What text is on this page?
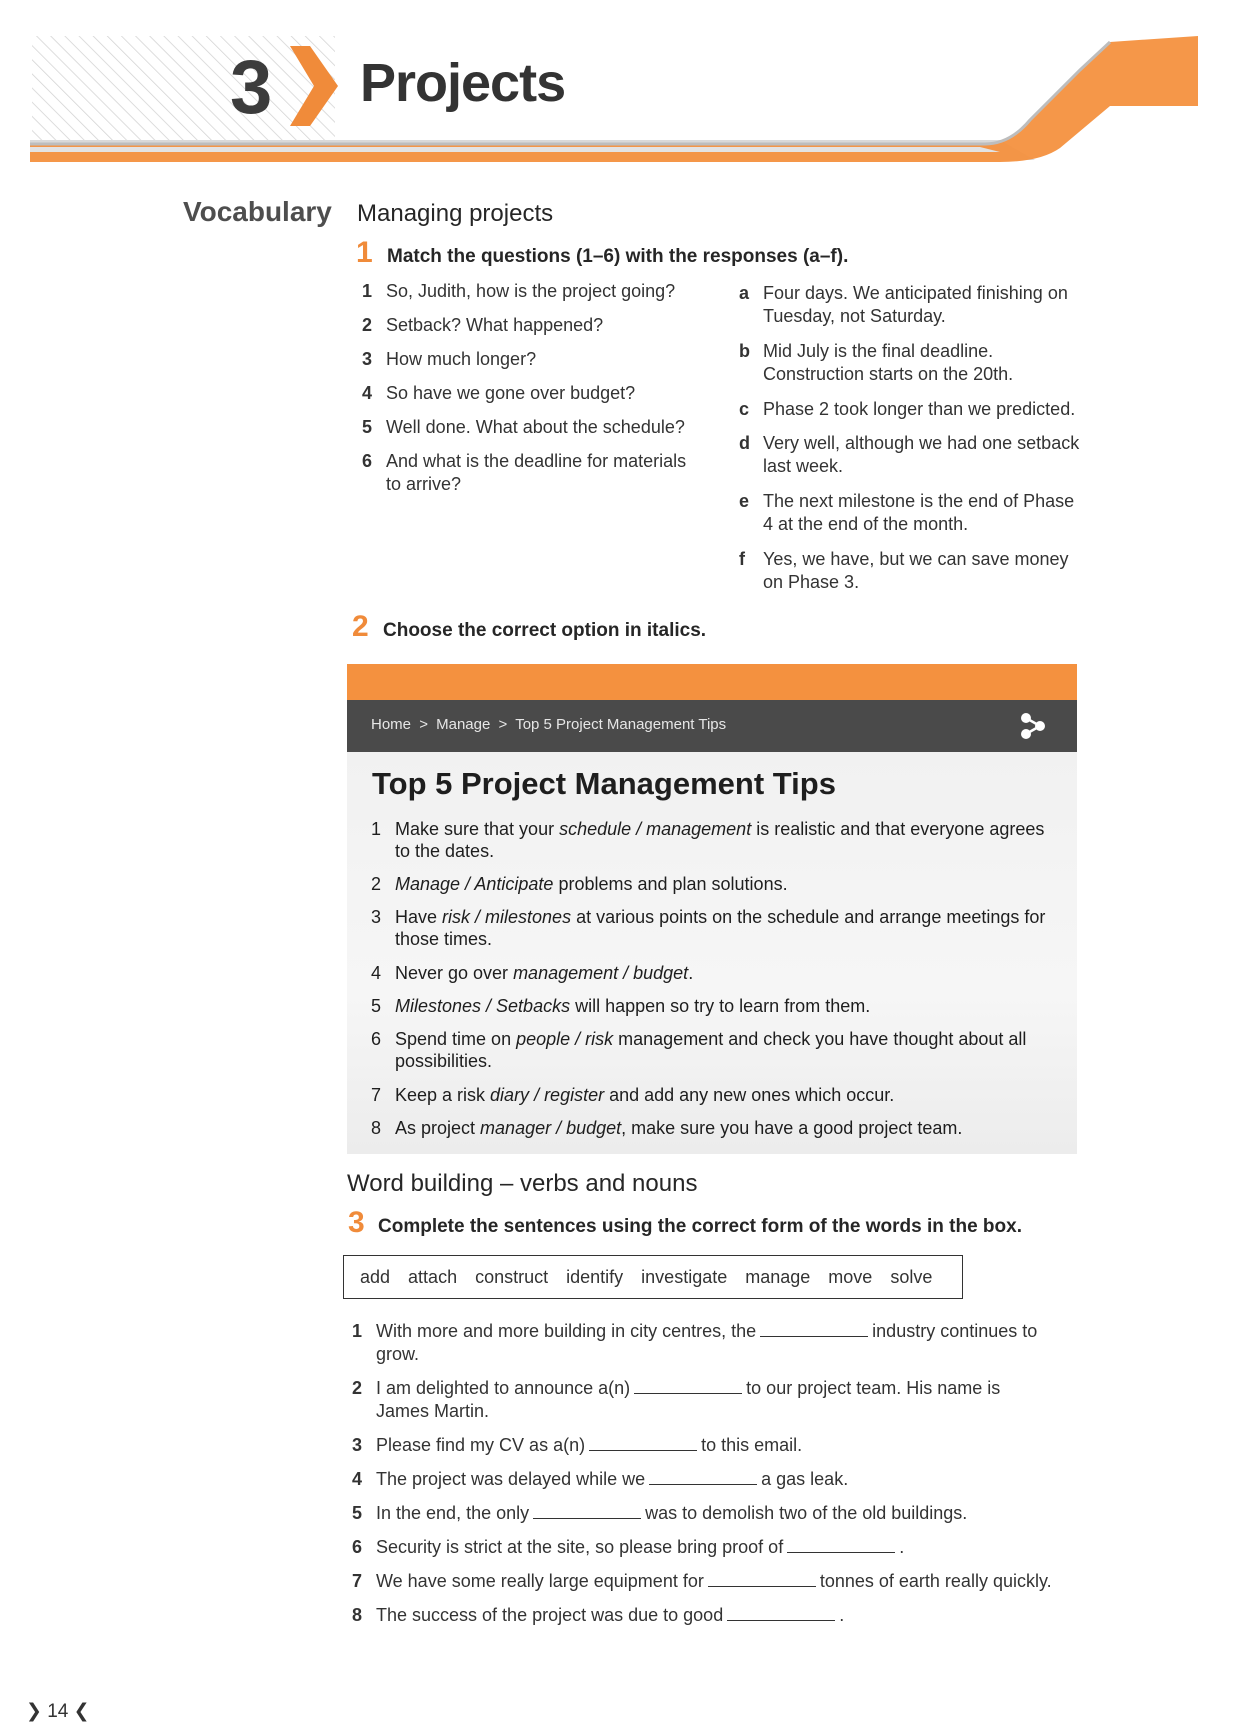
3 Projects
Vocabulary Managing projects
1 Match the questions (1–6) with the responses (a–f).
1 So, Judith, how is the project going?
2 Setback? What happened?
3 How much longer?
4 So have we gone over budget?
5 Well done. What about the schedule?
6 And what is the deadline for materials to arrive?
a Four days. We anticipated finishing on Tuesday, not Saturday.
b Mid July is the final deadline. Construction starts on the 20th.
c Phase 2 took longer than we predicted.
d Very well, although we had one setback last week.
e The next milestone is the end of Phase 4 at the end of the month.
f	Yes, we have, but we can save money on Phase 3.
2 Choose the correct option in italics.
Home > Manage > Top 5 Project Management Tips
Top 5 Project Management Tips
1 Make sure that your schedule / management is realistic and that everyone agrees to the dates.
2 Manage / Anticipate problems and plan solutions.
3 Have risk / milestones at various points on the schedule and arrange meetings for those times.
4 Never go over management / budget.
5 Milestones / Setbacks will happen so try to learn from them.
6 Spend time on people / risk management and check you have thought about all possibilities.
7 Keep a risk diary / register and add any new ones which occur.
8 As project manager / budget, make sure you have a good project team.
Word building – verbs and nouns
3 Complete the sentences using the correct form of the words in the box.
add attach construct identify investigate manage move solve
1 With more and more building in city centres, the	industry continues to grow.
2 I am delighted to announce a(n)	to our project team. His name is James Martin.
3 Please find my CV as a(n)	to this email.
4 The project was delayed while we	a gas leak.
5 In the end, the only	was to demolish two of the old buildings.
6 Security is strict at the site, so please bring proof of	.
7 We have some really large equipment for	tonnes of earth really quickly.
8 The success of the project was due to good	.
❯ 14 ❮
